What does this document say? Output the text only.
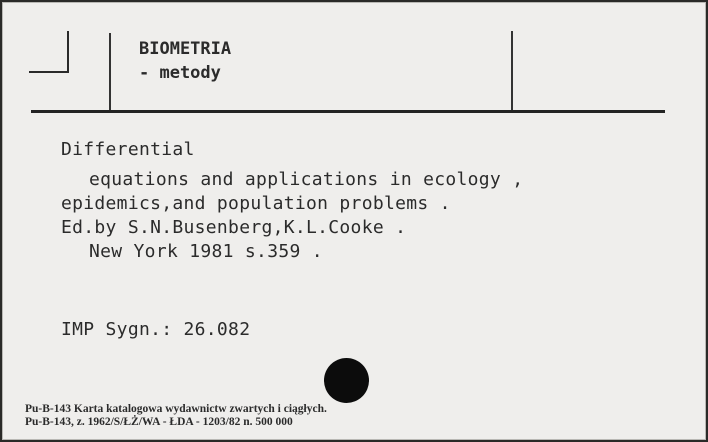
BIOMETRIA
- metody
Differential
equations and applications in ecology ,
epidemics,and population problems .
Ed.by S.N.Busenberg,K.L.Cooke .
New York 1981 s.359 .
IMP Sygn.: 26.082
Pu-B-143 Karta katalogowa wydawnictw zwartych i ciągłych.
Pu-B-143, z. 1962/S/ŁŻ/WA - ŁDA - 1203/82 n. 500 000
